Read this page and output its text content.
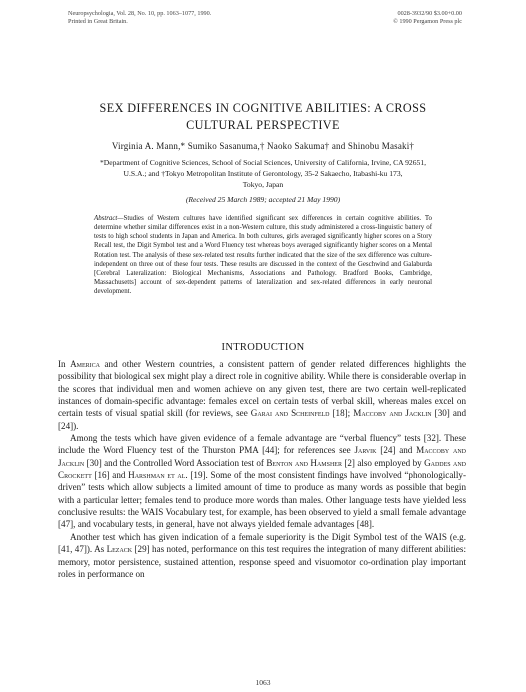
Neuropsychologia, Vol. 28, No. 10, pp. 1063–1077, 1990.
Printed in Great Britain.
0028-3932/90 $3.00+0.00
© 1990 Pergamon Press plc
SEX DIFFERENCES IN COGNITIVE ABILITIES: A CROSS
CULTURAL PERSPECTIVE
Virginia A. Mann,* Sumiko Sasanuma,† Naoko Sakuma† and Shinobu Masaki†
*Department of Cognitive Sciences, School of Social Sciences, University of California, Irvine, CA 92651,
U.S.A.; and †Tokyo Metropolitan Institute of Gerontology, 35-2 Sakaecho, Itabashi-ku 173,
Tokyo, Japan
(Received 25 March 1989; accepted 21 May 1990)
Abstract—Studies of Western cultures have identified significant sex differences in certain cognitive abilities. To determine whether similar differences exist in a non-Western culture, this study administered a cross-linguistic battery of tests to high school students in Japan and America. In both cultures, girls averaged significantly higher scores on a Story Recall test, the Digit Symbol test and a Word Fluency test whereas boys averaged significantly higher scores on a Mental Rotation test. The analysis of these sex-related test results further indicated that the size of the sex difference was culture-independent on three out of these four tests. These results are discussed in the context of the Geschwind and Galaburda [Cerebral Lateralization: Biological Mechanisms, Associations and Pathology. Bradford Books, Cambridge, Massachusetts] account of sex-dependent patterns of lateralization and sex-related differences in early neuronal development.
INTRODUCTION

In America and other Western countries, a consistent pattern of gender related differences highlights the possibility that biological sex might play a direct role in cognitive ability. While there is considerable overlap in the scores that individual men and women achieve on any given test, there are two certain well-replicated instances of domain-specific advantage: females excel on certain tests of verbal skill, whereas males excel on certain tests of visual spatial skill (for reviews, see Garai and Scheinfeld [18]; Maccoby and Jacklin [30] and [24]).

Among the tests which have given evidence of a female advantage are “verbal fluency” tests [32]. These include the Word Fluency test of the Thurston PMA [44]; for references see Jarvik [24] and Maccoby and Jacklin [30] and the Controlled Word Association test of Benton and Hamsher [2] also employed by Gaddes and Crockett [16] and Harshman et al. [19]. Some of the most consistent findings have involved “phonologically-driven” tests which allow subjects a limited amount of time to produce as many words as possible that begin with a particular letter; females tend to produce more words than males. Other language tests have yielded less conclusive results: the WAIS Vocabulary test, for example, has been observed to yield a small female advantage [47], and vocabulary tests, in general, have not always yielded female advantages [48].

Another test which has given indication of a female superiority is the Digit Symbol test of the WAIS (e.g. [41, 47]). As Lezack [29] has noted, performance on this test requires the integration of many different abilities: memory, motor persistence, sustained attention, response speed and visuomotor co-ordination play important roles in performance on

1063
